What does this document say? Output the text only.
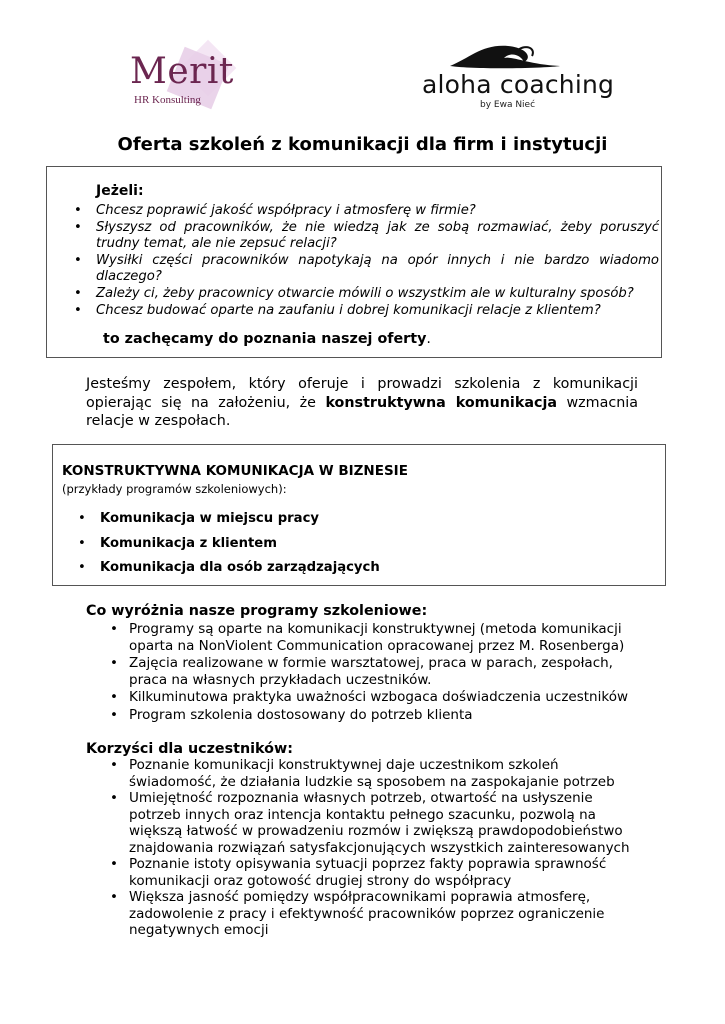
Merit
HR Konsulting
aloha coaching
by Ewa Nieć
Oferta szkoleń z komunikacji dla firm i instytucji
Jeżeli:
• Chcesz poprawić jakość współpracy i atmosferę w firmie?
• Słyszysz od pracowników, że nie wiedzą jak ze sobą rozmawiać, żeby poruszyć trudny temat, ale nie zepsuć relacji?
• Wysiłki części pracowników napotykają na opór innych i nie bardzo wiadomo dlaczego?
• Zależy ci, żeby pracownicy otwarcie mówili o wszystkim ale w kulturalny sposób?
• Chcesz budować oparte na zaufaniu i dobrej komunikacji relacje z klientem?
to zachęcamy do poznania naszej oferty.
Jesteśmy zespołem, który oferuje i prowadzi szkolenia z komunikacji opierając się na założeniu, że konstruktywna komunikacja wzmacnia relacje w zespołach.
KONSTRUKTYWNA KOMUNIKACJA W BIZNESIE
(przykłady programów szkoleniowych):
• Komunikacja w miejscu pracy
• Komunikacja z klientem
• Komunikacja dla osób zarządzających
Co wyróżnia nasze programy szkoleniowe:
• Programy są oparte na komunikacji konstruktywnej (metoda komunikacji oparta na NonViolent Communication opracowanej przez M. Rosenberga)
• Zajęcia realizowane w formie warsztatowej, praca w parach, zespołach, praca na własnych przykładach uczestników.
• Kilkuminutowa praktyka uważności wzbogaca doświadczenia uczestników
• Program szkolenia dostosowany do potrzeb klienta
Korzyści dla uczestników:
• Poznanie komunikacji konstruktywnej daje uczestnikom szkoleń świadomość, że działania ludzkie są sposobem na zaspokajanie potrzeb
• Umiejętność rozpoznania własnych potrzeb, otwartość na usłyszenie potrzeb innych oraz intencja kontaktu pełnego szacunku, pozwolą na większą łatwość w prowadzeniu rozmów i zwiększą prawdopodobieństwo znajdowania rozwiązań satysfakcjonujących wszystkich zainteresowanych
• Poznanie istoty opisywania sytuacji poprzez fakty poprawia sprawność komunikacji oraz gotowość drugiej strony do współpracy
• Większa jasność pomiędzy współpracownikami poprawia atmosferę, zadowolenie z pracy i efektywność pracowników poprzez ograniczenie negatywnych emocji
